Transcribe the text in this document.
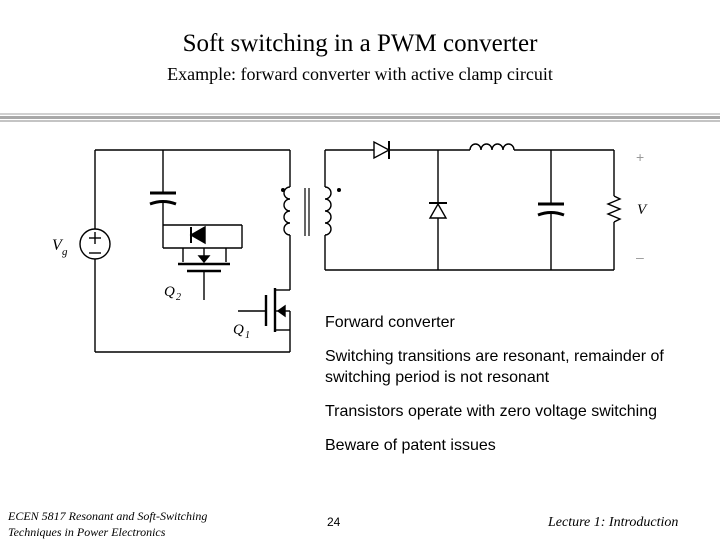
Soft switching in a PWM converter
Example: forward converter with active clamp circuit
V g
Q 2
Q 1
+
V
–

Forward converter

Switching transitions are resonant, remainder of switching period is not resonant

Transistors operate with zero voltage switching

Beware of patent issues

ECEN 5817 Resonant and Soft-Switching
Techniques in Power Electronics
24	Lecture 1: Introduction
